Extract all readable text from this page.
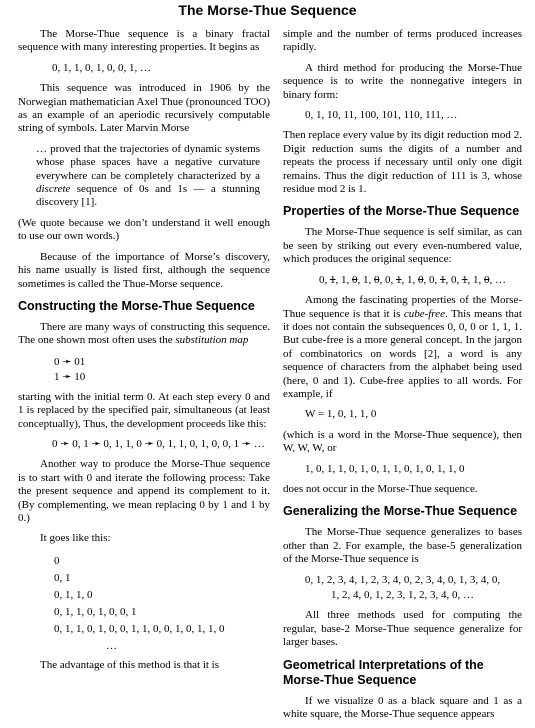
The Morse-Thue Sequence

The Morse-Thue sequence is a binary fractal sequence with many interesting properties. It begins as

0, 1, 1, 0, 1, 0, 0, 1, …

This sequence was introduced in 1906 by the Norwegian mathematician Axel Thue (pronounced TOO) as an example of an aperiodic recursively computable string of symbols. Later Marvin Morse

… proved that the trajectories of dynamic systems whose phase spaces have a negative curvature everywhere can be completely characterized by a discrete sequence of 0s and 1s — a stunning discovery [1].

(We quote because we don’t understand it well enough to use our own words.)

Because of the importance of Morse’s discovery, his name usually is listed first, although the sequence sometimes is called the Thue-Morse sequence.

Constructing the Morse-Thue Sequence

There are many ways of constructing this sequence. The one shown most often uses the substitution map

0 ➛ 01
1 ➛ 10

starting with the initial term 0. At each step every 0 and 1 is replaced by the specified pair, simultaneous (at least conceptually), Thus, the development proceeds like this:

0 ➛ 0, 1 ➛ 0, 1, 1, 0 ➛ 0, 1, 1, 0, 1, 0, 0, 1 ➛ …

Another way to produce the Morse-Thue sequence is to start with 0 and iterate the following process: Take the present sequence and append its complement to it. (By complementing, we mean replacing 0 by 1 and 1 by 0.)

It goes like this:

0
0, 1
0, 1, 1, 0
0, 1, 1, 0, 1, 0, 0, 1
0, 1, 1, 0, 1, 0, 0, 1, 1, 0, 0, 1, 0, 1, 1, 0
…

The advantage of this method is that it is

simple and the number of terms produced increases rapidly.

A third method for producing the Morse-Thue sequence is to write the nonnegative integers in binary form:

0, 1, 10, 11, 100, 101, 110, 111, …

Then replace every value by its digit reduction mod 2. Digit reduction sums the digits of a number and repeats the process if necessary until only one digit remains. Thus the digit reduction of 111 is 3, whose residue mod 2 is 1.

Properties of the Morse-Thue Sequence

The Morse-Thue sequence is self similar, as can be seen by striking out every even-numbered value, which produces the original sequence:

0, 1, 1, 0, 1, 0, 0, 1, 1, 0, 0, 1, 0, 1, 1, 0, …

Among the fascinating properties of the Morse-Thue sequence is that it is cube-free. This means that it does not contain the subsequences 0, 0, 0 or 1, 1, 1. But cube-free is a more general concept. In the jargon of combinatorics on words [2], a word is any sequence of characters from the alphabet being used (here, 0 and 1). Cube-free applies to all words. For example, if

W = 1, 0, 1, 1, 0

(which is a word in the Morse-Thue sequence), then W, W, W, or

1, 0, 1, 1, 0, 1, 0, 1, 1, 0, 1, 0, 1, 1, 0

does not occur in the Morse-Thue sequence.

Generalizing the Morse-Thue Sequence

The Morse-Thue sequence generalizes to bases other than 2. For example, the base-5 generalization of the Morse-Thue sequence is

0, 1, 2, 3, 4, 1, 2, 3, 4, 0, 2, 3, 4, 0, 1, 3, 4, 0,
1, 2, 4, 0, 1, 2, 3, 1, 2, 3, 4, 0, …

All three methods used for computing the regular, base-2 Morse-Thue sequence generalize for larger bases.

Geometrical Interpretations of the Morse-Thue Sequence

If we visualize 0 as a black square and 1 as a white square, the Morse-Thue sequence appears
